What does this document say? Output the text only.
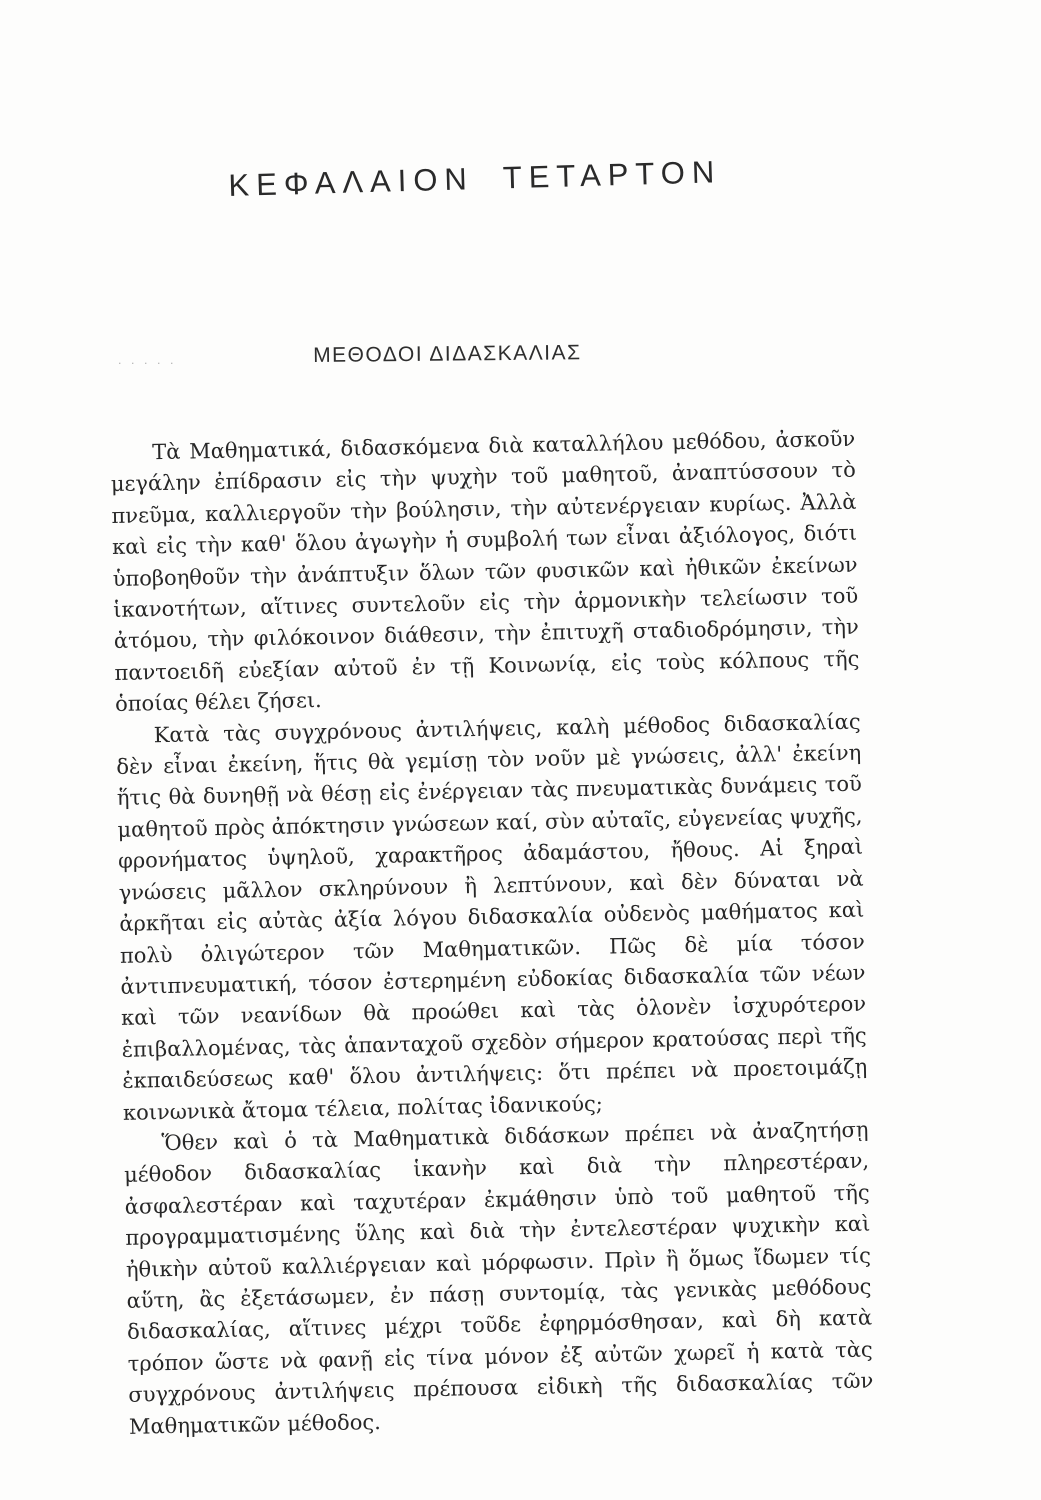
· · · · ·
ΚΕΦΑΛΑΙΟΝ ΤΕΤΑΡΤΟΝ
ΜΕΘΟΔΟΙ ΔΙΔΑΣΚΑΛΙΑΣ

Τὰ Μαθηματικά, διδασκόμενα διὰ καταλλήλου μεθόδου, ἀσκοῦν μεγάλην ἐπίδρασιν εἰς τὴν ψυχὴν τοῦ μαθητοῦ, ἀναπτύσσουν τὸ πνεῦμα, καλλιεργοῦν τὴν βούλησιν, τὴν αὐτενέργειαν κυρίως. Ἀλλὰ καὶ εἰς τὴν καθ' ὅλου ἀγωγὴν ἡ συμβολή των εἶναι ἀξιόλογος, διότι ὑποβοηθοῦν τὴν ἀνάπτυξιν ὅλων τῶν φυσικῶν καὶ ἠθικῶν ἐκείνων ἱκανοτήτων, αἵτινες συντελοῦν εἰς τὴν ἁρμονικὴν τελείωσιν τοῦ ἀτόμου, τὴν φιλόκοινον διάθεσιν, τὴν ἐπιτυχῆ σταδιοδρόμησιν, τὴν παντοειδῆ εὐεξίαν αὐτοῦ ἐν τῇ Κοινωνίᾳ, εἰς τοὺς κόλπους τῆς ὁποίας θέλει ζήσει.

Κατὰ τὰς συγχρόνους ἀντιλήψεις, καλὴ μέθοδος διδασκαλίας δὲν εἶναι ἐκείνη, ἥτις θὰ γεμίσῃ τὸν νοῦν μὲ γνώσεις, ἀλλ' ἐκείνη ἥτις θὰ δυνηθῇ νὰ θέσῃ εἰς ἐνέργειαν τὰς πνευματικὰς δυνάμεις τοῦ μαθητοῦ πρὸς ἀπόκτησιν γνώσεων καί, σὺν αὐταῖς, εὐγενείας ψυχῆς, φρονήματος ὑψηλοῦ, χαρακτῆρος ἀδαμάστου, ἤθους. Αἱ ξηραὶ γνώσεις μᾶλλον σκληρύνουν ἢ λεπτύνουν, καὶ δὲν δύναται νὰ ἀρκῆται εἰς αὐτὰς ἀξία λόγου διδασκαλία οὐδενὸς μαθήματος καὶ πολὺ ὀλιγώτερον τῶν Μαθηματικῶν. Πῶς δὲ μία τόσον ἀντιπνευματική, τόσον ἐστερημένη εὐδοκίας διδασκαλία τῶν νέων καὶ τῶν νεανίδων θὰ προώθει καὶ τὰς ὁλονὲν ἰσχυρότερον ἐπιβαλλομένας, τὰς ἁπανταχοῦ σχεδὸν σήμερον κρατούσας περὶ τῆς ἐκπαιδεύσεως καθ' ὅλου ἀντιλήψεις: ὅτι πρέπει νὰ προετοιμάζῃ κοινωνικὰ ἄτομα τέλεια, πολίτας ἰδανικούς;

Ὅθεν καὶ ὁ τὰ Μαθηματικὰ διδάσκων πρέπει νὰ ἀναζητήσῃ μέθοδον διδασκαλίας ἱκανὴν καὶ διὰ τὴν πληρεστέραν, ἀσφαλεστέραν καὶ ταχυτέραν ἐκμάθησιν ὑπὸ τοῦ μαθητοῦ τῆς προγραμματισμένης ὕλης καὶ διὰ τὴν ἐντελεστέραν ψυχικὴν καὶ ἠθικὴν αὐτοῦ καλλιέργειαν καὶ μόρφωσιν. Πρὶν ἢ ὅμως ἴδωμεν τίς αὕτη, ἂς ἐξετάσωμεν, ἐν πάσῃ συντομίᾳ, τὰς γενικὰς μεθόδους διδασκαλίας, αἵτινες μέχρι τοῦδε ἐφηρμόσθησαν, καὶ δὴ κατὰ τρόπον ὥστε νὰ φανῇ εἰς τίνα μόνον ἐξ αὐτῶν χωρεῖ ἡ κατὰ τὰς συγχρόνους ἀντιλήψεις πρέπουσα εἰδικὴ τῆς διδασκαλίας τῶν Μαθηματικῶν μέθοδος.
